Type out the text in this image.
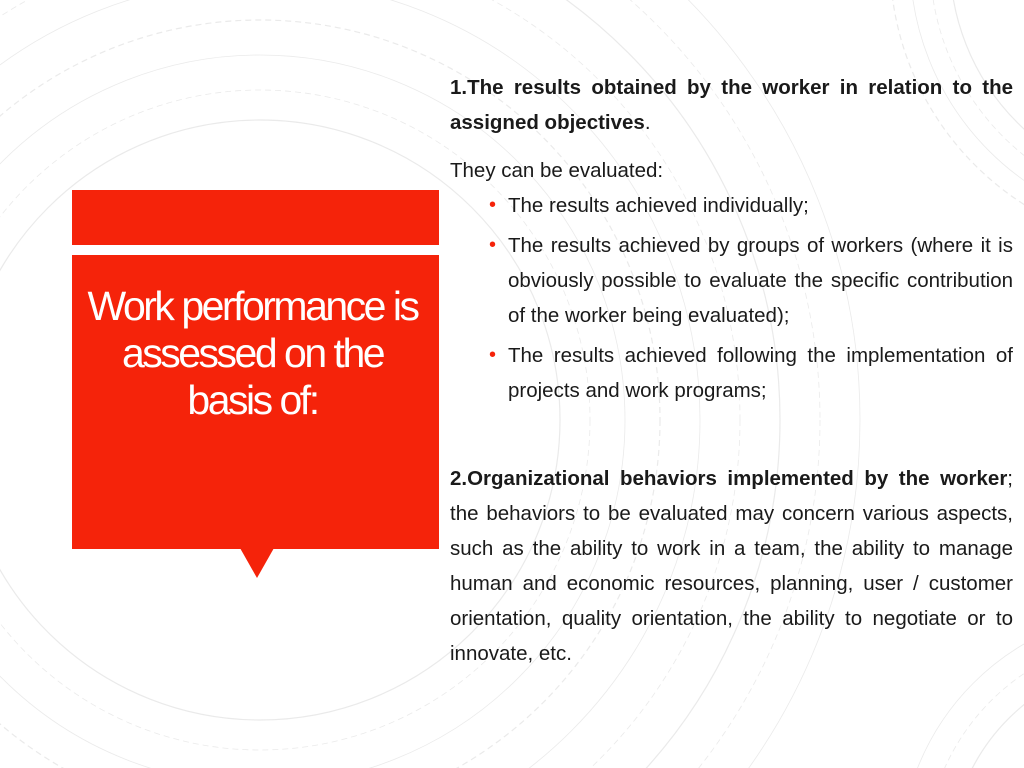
Work performance is assessed on the basis of:

1.The results obtained by the worker in relation to the assigned objectives.

They can be evaluated:

• The results achieved individually;
• The results achieved by groups of workers (where it is obviously possible to evaluate the specific contribution of the worker being evaluated);
• The results achieved following the implementation of projects and work programs;

2.Organizational behaviors implemented by the worker; the behaviors to be evaluated may concern various aspects, such as the ability to work in a team, the ability to manage human and economic resources, planning, user / customer orientation, quality orientation, the ability to negotiate or to innovate, etc.
